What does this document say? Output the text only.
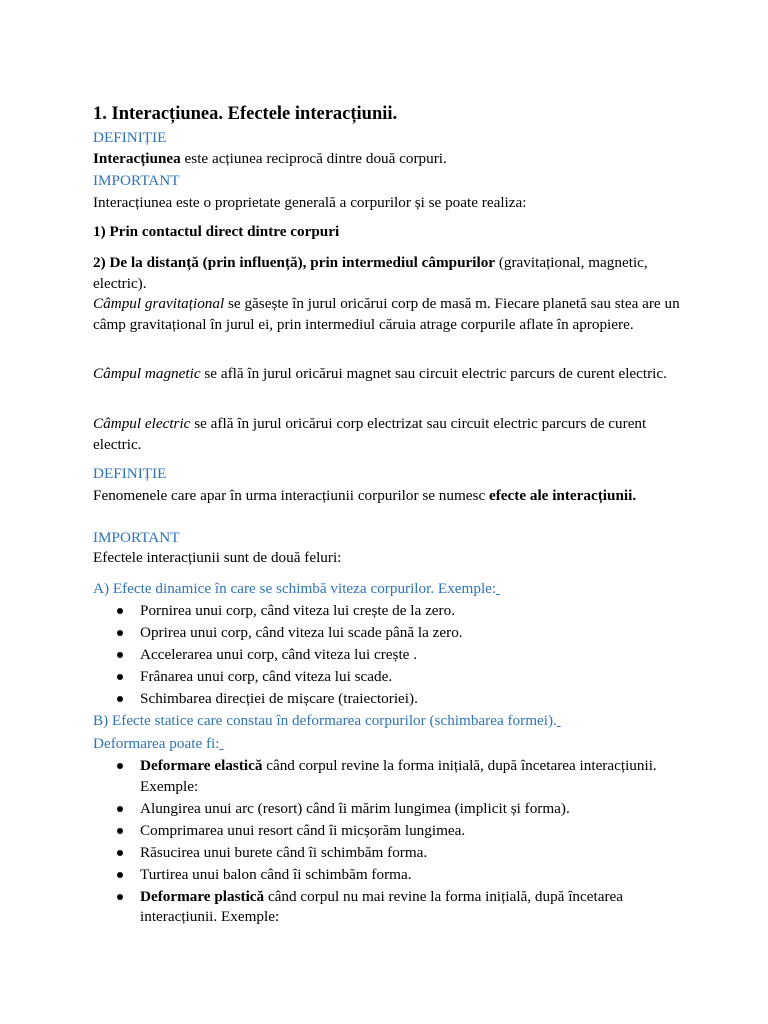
1. Interacțiunea. Efectele interacțiunii.
DEFINIȚIE
Interacțiunea este acțiunea reciprocă dintre două corpuri.
IMPORTANT
Interacțiunea este o proprietate generală a corpurilor și se poate realiza:
1) Prin contactul direct dintre corpuri
2) De la distanță (prin influență), prin intermediul câmpurilor (gravitațional, magnetic, electric).
Câmpul gravitațional se găsește în jurul oricărui corp de masă m. Fiecare planetă sau stea are un câmp gravitațional în jurul ei, prin intermediul căruia atrage corpurile aflate în apropiere.
Câmpul magnetic se află în jurul oricărui magnet sau circuit electric parcurs de curent electric.
Câmpul electric se află în jurul oricărui corp electrizat sau circuit electric parcurs de curent electric.
DEFINIȚIE
Fenomenele care apar în urma interacțiunii corpurilor se numesc efecte ale interacțiunii.
IMPORTANT
Efectele interacțiunii sunt de două feluri:
A) Efecte dinamice în care se schimbă viteza corpurilor. Exemple:
Pornirea unui corp, când viteza lui crește de la zero.
Oprirea unui corp, când viteza lui scade până la zero.
Accelerarea unui corp, când viteza lui crește .
Frânarea unui corp, când viteza lui scade.
Schimbarea direcției de mișcare (traiectoriei).
B) Efecte statice care constau în deformarea corpurilor (schimbarea formei).
Deformarea poate fi:
Deformare elastică când corpul revine la forma inițială, după încetarea interacțiunii. Exemple:
Alungirea unui arc (resort) când îi mărim lungimea (implicit și forma).
Comprimarea unui resort când îi micșorăm lungimea.
Răsucirea unui burete când îi schimbăm forma.
Turtirea unui balon când îi schimbăm forma.
Deformare plastică când corpul nu mai revine la forma inițială, după încetarea interacțiunii. Exemple:
